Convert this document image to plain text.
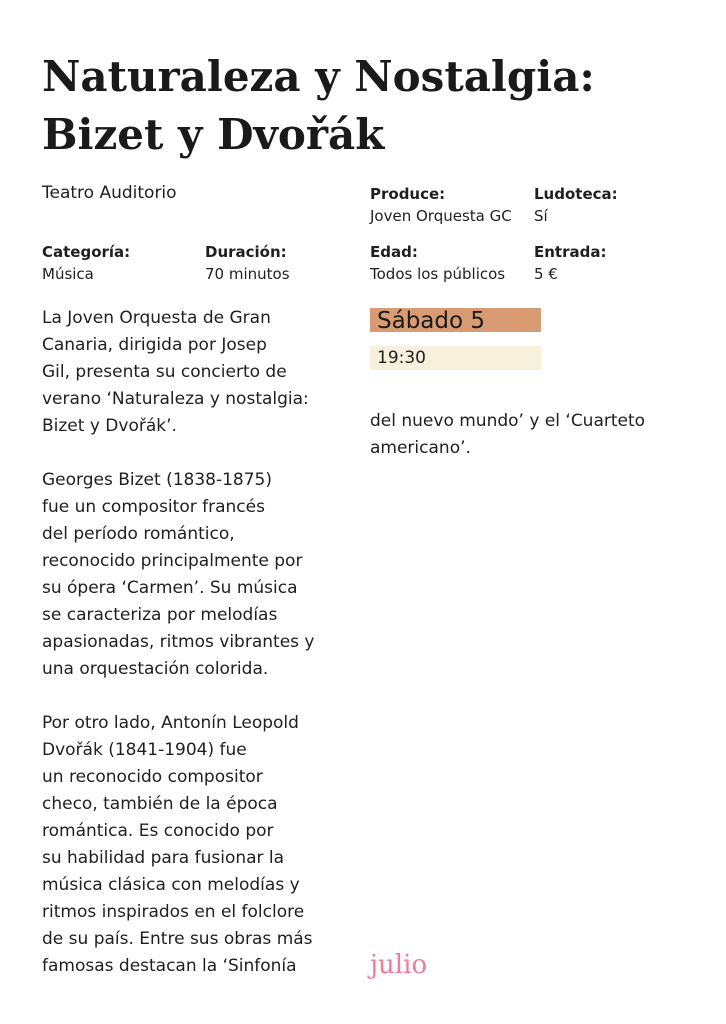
Naturaleza y Nostalgia:
Bizet y Dvořák
Teatro Auditorio	Produce:
Joven Orquesta GC
Ludoteca:
Sí
Categoría:
Música
Duración:
70 minutos
Edad:
Todos los públicos
Entrada:
5 €

La Joven Orquesta de Gran
Canaria, dirigida por Josep
Gil, presenta su concierto de
verano ‘Naturaleza y nostalgia:
Bizet y Dvořák’.

Georges Bizet (1838-1875)
fue un compositor francés
del período romántico,
reconocido principalmente por
su ópera ‘Carmen’. Su música
se caracteriza por melodías
apasionadas, ritmos vibrantes y
una orquestación colorida.

Por otro lado, Antonín Leopold
Dvořák (1841-1904) fue
un reconocido compositor
checo, también de la época
romántica. Es conocido por
su habilidad para fusionar la
música clásica con melodías y
ritmos inspirados en el folclore
de su país. Entre sus obras más
famosas destacan la ‘Sinfonía

Sábado 5
19:30
del nuevo mundo’ y el ‘Cuarteto
americano’.
julio
